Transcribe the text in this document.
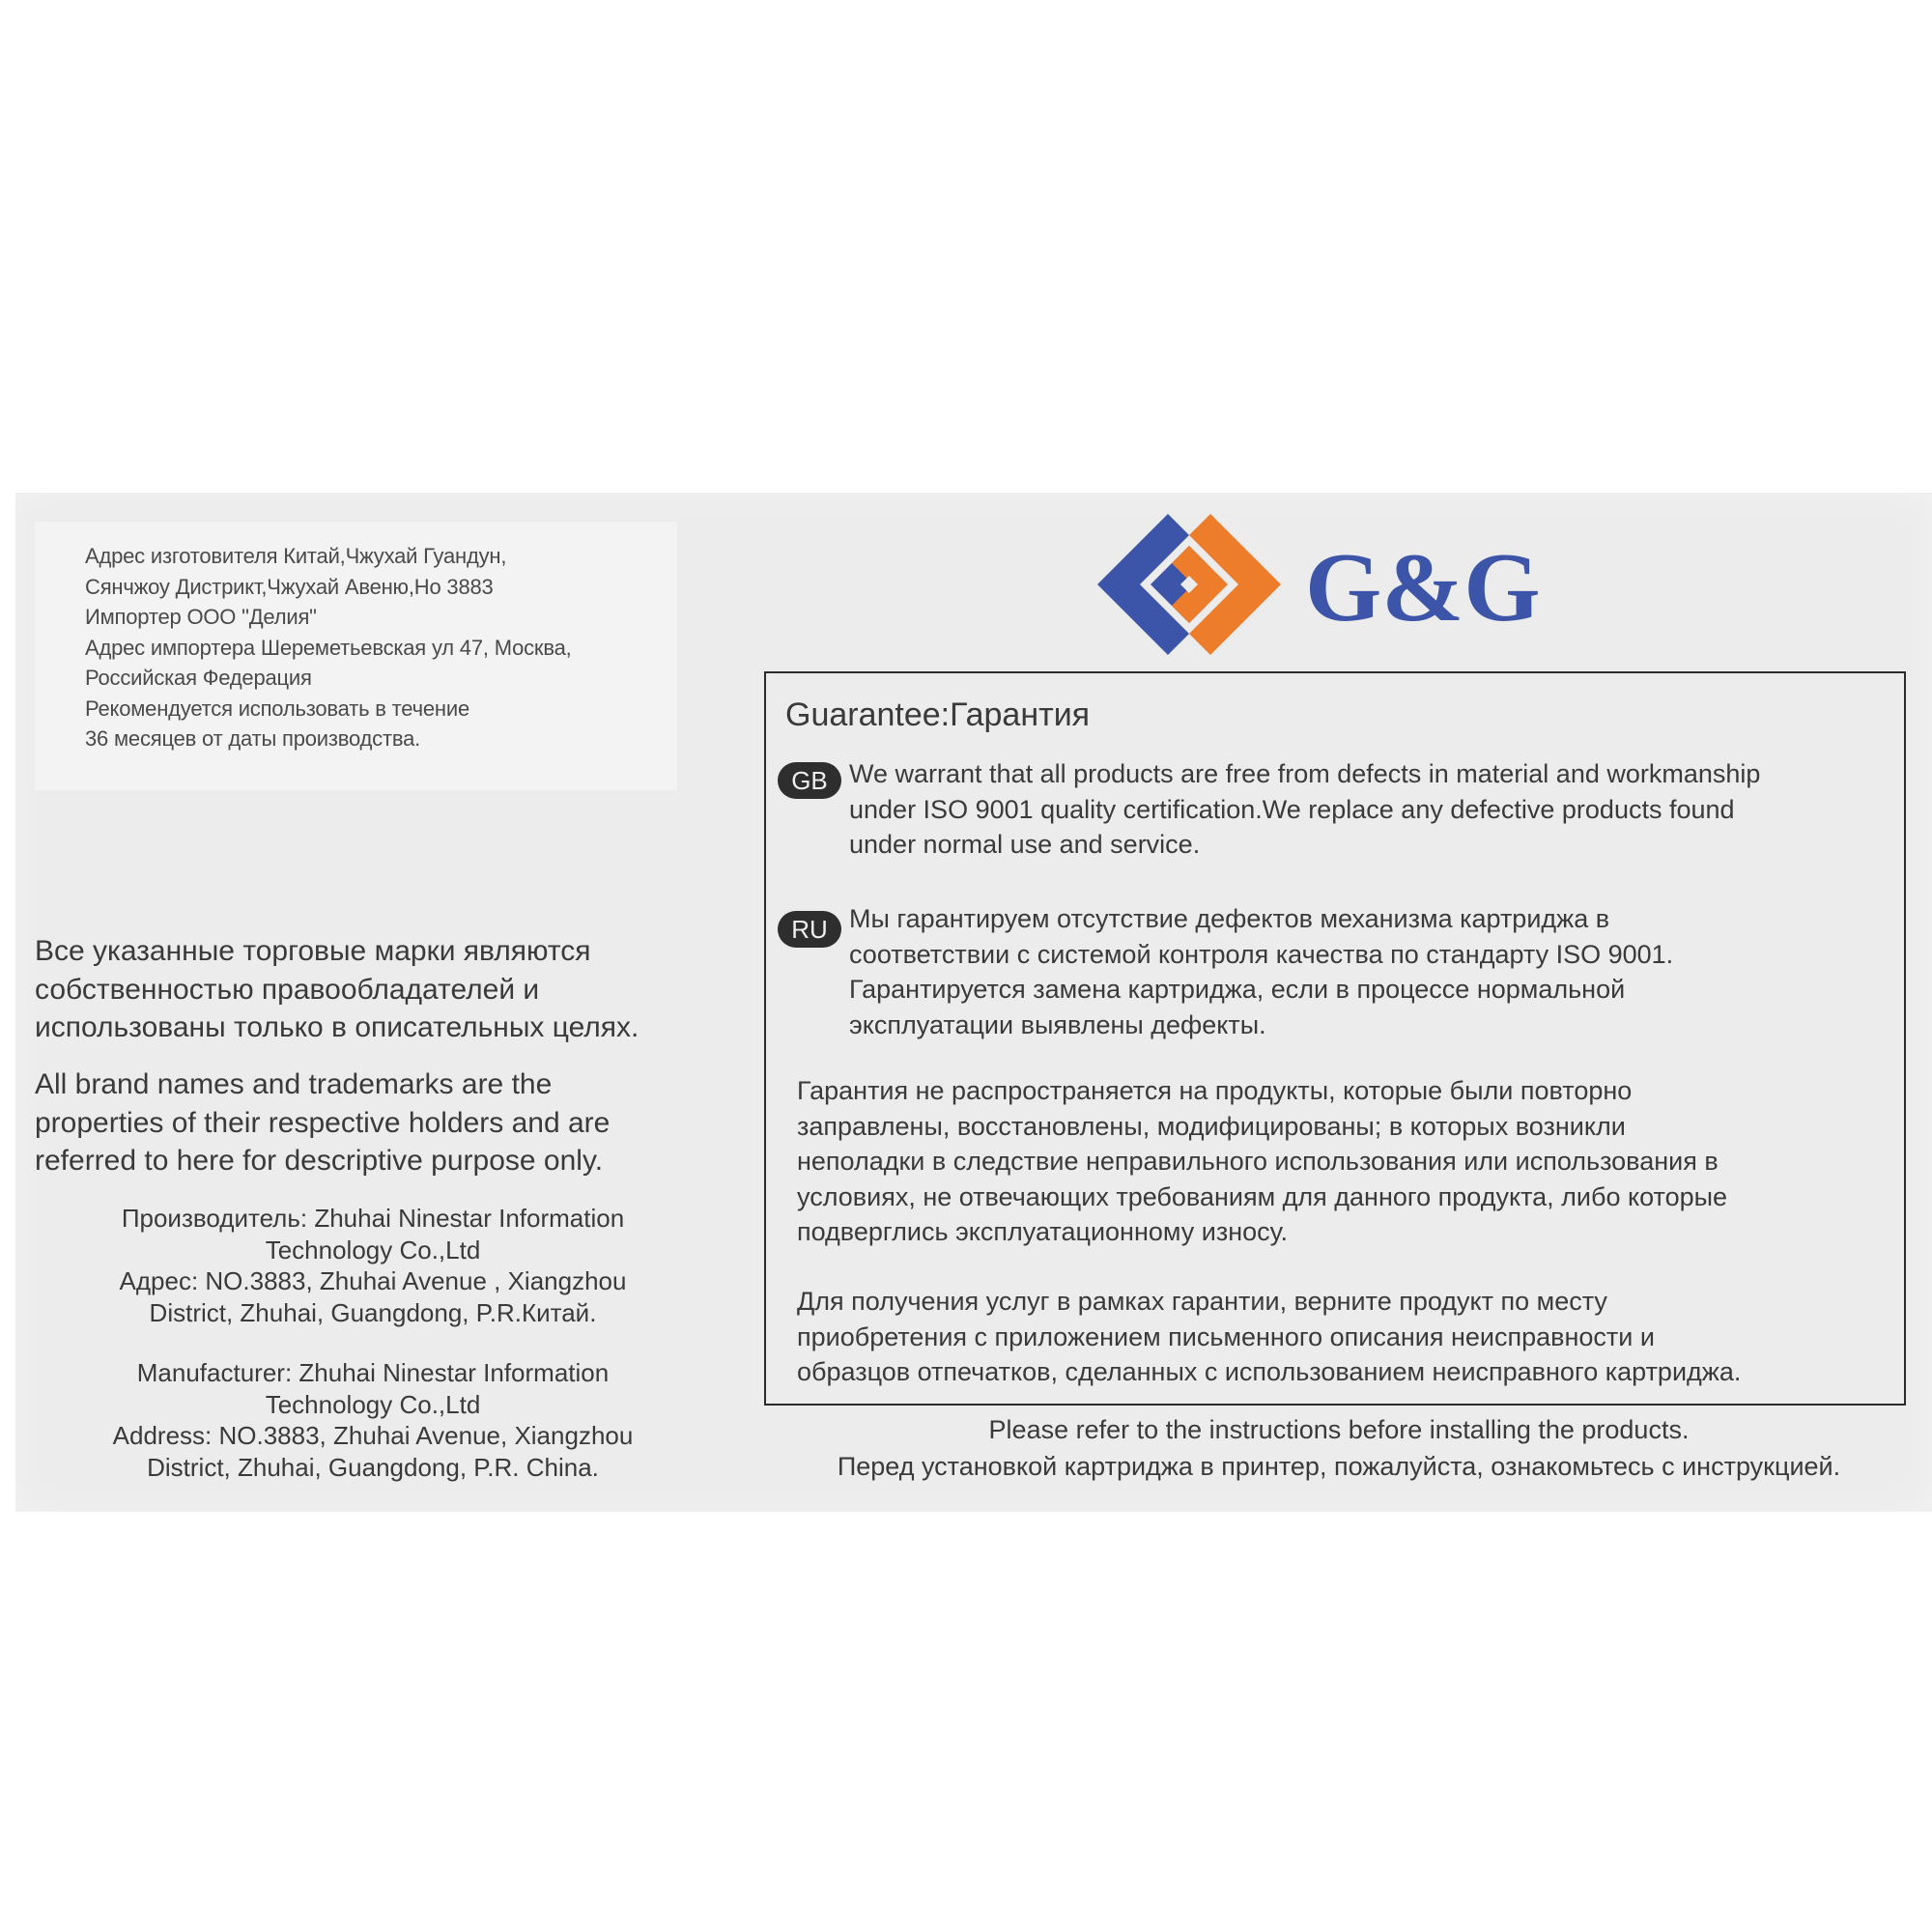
Адрес изготовителя Китай,Чжухай Гуандун,
Сянчжоу Дистрикт,Чжухай Авеню,Но 3883
Импортер ООО "Делия"
Адрес импортера Шереметьевская ул 47, Москва,
Российская Федерация
Рекомендуется использовать в течение
36 месяцев от даты производства.
Все указанные торговые марки являются
собственностью правообладателей и
использованы только в описательных целях.
All brand names and trademarks are the
properties of their respective holders and are
referred to here for descriptive purpose only.
Производитель: Zhuhai Ninestar Information
Technology Co.,Ltd
Адрес: NO.3883, Zhuhai Avenue , Xiangzhou
District, Zhuhai, Guangdong, P.R.Китай.
Manufacturer: Zhuhai Ninestar Information
Technology Co.,Ltd
Address: NO.3883, Zhuhai Avenue, Xiangzhou
District, Zhuhai, Guangdong, P.R. China.
G&G
Guarantee:Гарантия
GB We warrant that all products are free from defects in material and workmanship
under ISO 9001 quality certification.We replace any defective products found
under normal use and service.
RU Мы гарантируем отсутствие дефектов механизма картриджа в
соответствии с системой контроля качества по стандарту ISO 9001.
Гарантируется замена картриджа, если в процессе нормальной
эксплуатации выявлены дефекты.
Гарантия не распространяется на продукты, которые были повторно
заправлены, восстановлены, модифицированы; в которых возникли
неполадки в следствие неправильного использования или использования в
условиях, не отвечающих требованиям для данного продукта, либо которые
подверглись эксплуатационному износу.
Для получения услуг в рамках гарантии, верните продукт по месту
приобретения с приложением письменного описания неисправности и
образцов отпечатков, сделанных с использованием неисправного картриджа.
Please refer to the instructions before installing the products.
Перед установкой картриджа в принтер, пожалуйста, ознакомьтесь с инструкцией.
